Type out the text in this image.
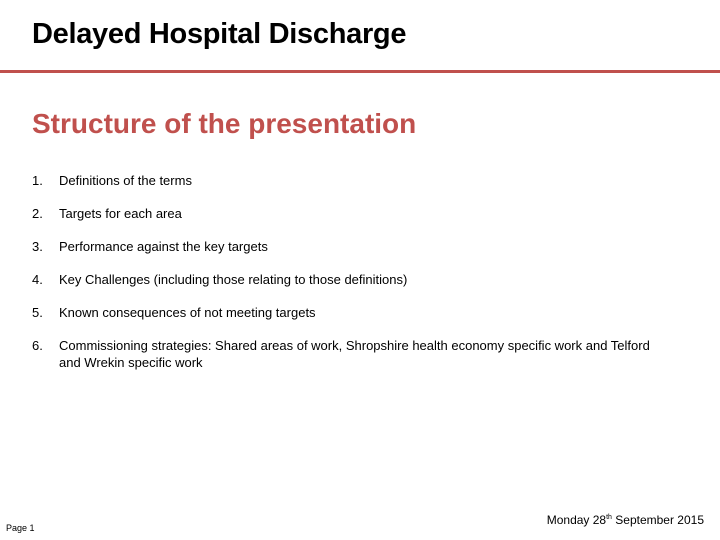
Delayed Hospital Discharge
Structure of the presentation
1. Definitions of the terms
2. Targets for each area
3. Performance against the key targets
4. Key Challenges (including those relating to those definitions)
5. Known consequences of not meeting targets
6. Commissioning strategies: Shared areas of work, Shropshire health economy specific work and Telford and Wrekin specific work
Monday 28th September 2015
Page 1
